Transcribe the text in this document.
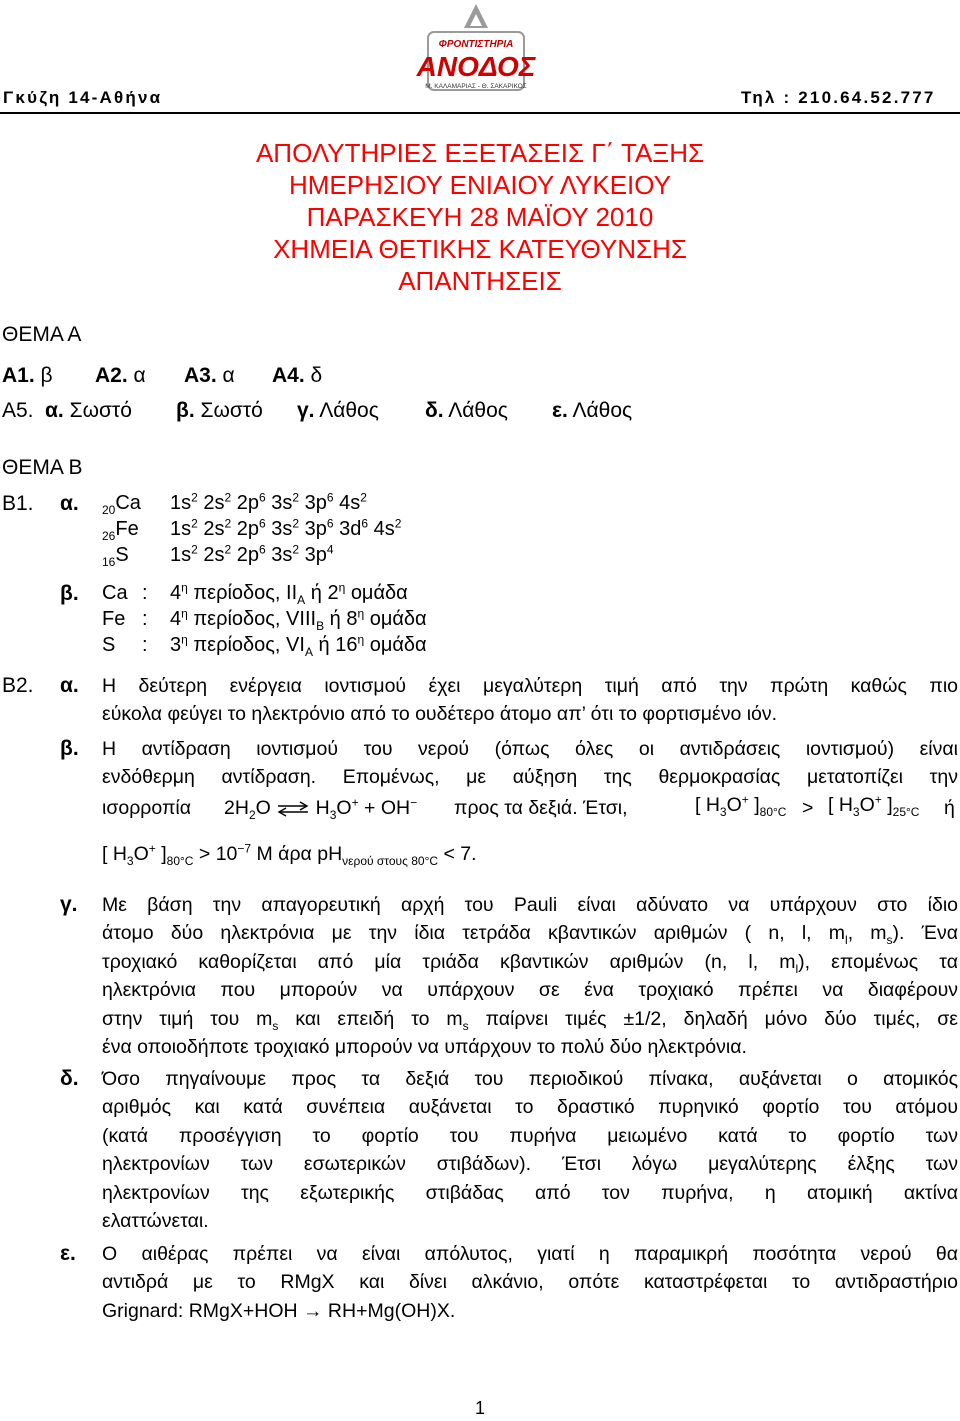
ΦΡΟΝΤΙΣΤΗΡΙΑ
ΑΝΟΔΟΣ
Μ. ΚΑΛΑΜΑΡΙΑΣ - Θ. ΣΑΚΑΡΙΚΟΣ
Γκύζη 14-Αθήνα	Τηλ : 210.64.52.777
ΑΠΟΛΥΤΗΡΙΕΣ ΕΞΕΤΑΣΕΙΣ Γ΄ ΤΑΞΗΣ
ΗΜΕΡΗΣΙΟΥ ΕΝΙΑΙΟΥ ΛΥΚΕΙΟΥ
ΠΑΡΑΣΚΕΥΗ 28 ΜΑΪΟΥ 2010
ΧΗΜΕΙΑ ΘΕΤΙΚΗΣ ΚΑΤΕΥΘΥΝΣΗΣ
ΑΠΑΝΤΗΣΕΙΣ
ΘΕΜΑ Α
Α1. β Α2. α Α3. α Α4. δ
Α5. α. Σωστό β. Σωστό γ. Λάθος δ. Λάθος ε. Λάθος
ΘΕΜΑ Β
Β1. α. $_{20}$Ca $1s^2$ $2s^2$ $2p^6$ $3s^2$ $3p^6$ $4s^2$
$_{26}$Fe $1s^2$ $2s^2$ $2p^6$ $3s^2$ $3p^6$ $3d^6$ $4s^2$
$_{16}$S $1s^2$ $2s^2$ $2p^6$ $3s^2$ $3p^4$
β. Ca : $4^\eta$ περίοδος, $II_A$ ή $2^\eta$ ομάδα
Fe : $4^\eta$ περίοδος, $VIII_B$ ή $8^\eta$ ομάδα
S : $3^\eta$ περίοδος, $VI_A$ ή $16^\eta$ ομάδα
Β2. α. Η δεύτερη ενέργεια ιοντισμού έχει μεγαλύτερη τιμή από την πρώτη καθώς πιο
εύκολα φεύγει το ηλεκτρόνιο από το ουδέτερο άτομο απ’ ότι το φορτισμένο ιόν.
β. Η αντίδραση ιοντισμού του νερού (όπως όλες οι αντιδράσεις ιοντισμού) είναι
ενδόθερμη αντίδραση. Επομένως, με αύξηση της θερμοκρασίας μετατοπίζει την
ισορροπία $2H_2O$ ⇌ $H_3O^+ + OH^-$ προς τα δεξιά. Έτσι,	[ $H_3O^+$ ]$_{80^\circ C}$ > [ $H_3O^+$ ]$_{25^\circ C}$ ή
[ $H_3O^+$ ]$_{80^\circ C} > 10^{-7}$ M άρα $pH_{\nu\varepsilon\rho oύ \sigma\tau o\upsilon\varsigma 80^\circ C} < 7$.
γ. Με βάση την απαγορευτική αρχή του Pauli είναι αδύνατο να υπάρχουν στο ίδιο
άτομο δύο ηλεκτρόνια με την ίδια τετράδα κβαντικών αριθμών ( n, l, $m_l$, $m_s$). Ένα
τροχιακό καθορίζεται από μία τριάδα κβαντικών αριθμών (n, l, $m_l$), επομένως τα
ηλεκτρόνια που μπορούν να υπάρχουν σε ένα τροχιακό πρέπει να διαφέρουν
στην τιμή του $m_s$ και επειδή το $m_s$ παίρνει τιμές ±1/2, δηλαδή μόνο δύο τιμές, σε
ένα οποιοδήποτε τροχιακό μπορούν να υπάρχουν το πολύ δύο ηλεκτρόνια.
δ. Όσο πηγαίνουμε προς τα δεξιά του περιοδικού πίνακα, αυξάνεται ο ατομικός
αριθμός και κατά συνέπεια αυξάνεται το δραστικό πυρηνικό φορτίο του ατόμου
(κατά προσέγγιση το φορτίο του πυρήνα μειωμένο κατά το φορτίο των
ηλεκτρονίων των εσωτερικών στιβάδων). Έτσι λόγω μεγαλύτερης έλξης των
ηλεκτρονίων της εξωτερικής στιβάδας από τον πυρήνα, η ατομική ακτίνα
ελαττώνεται.
ε. Ο αιθέρας πρέπει να είναι απόλυτος, γιατί η παραμικρή ποσότητα νερού θα
αντιδρά με το RMgX και δίνει αλκάνιο, οπότε καταστρέφεται το αντιδραστήριο
Grignard: RMgX+HOH → RH+Mg(OH)X.
1
